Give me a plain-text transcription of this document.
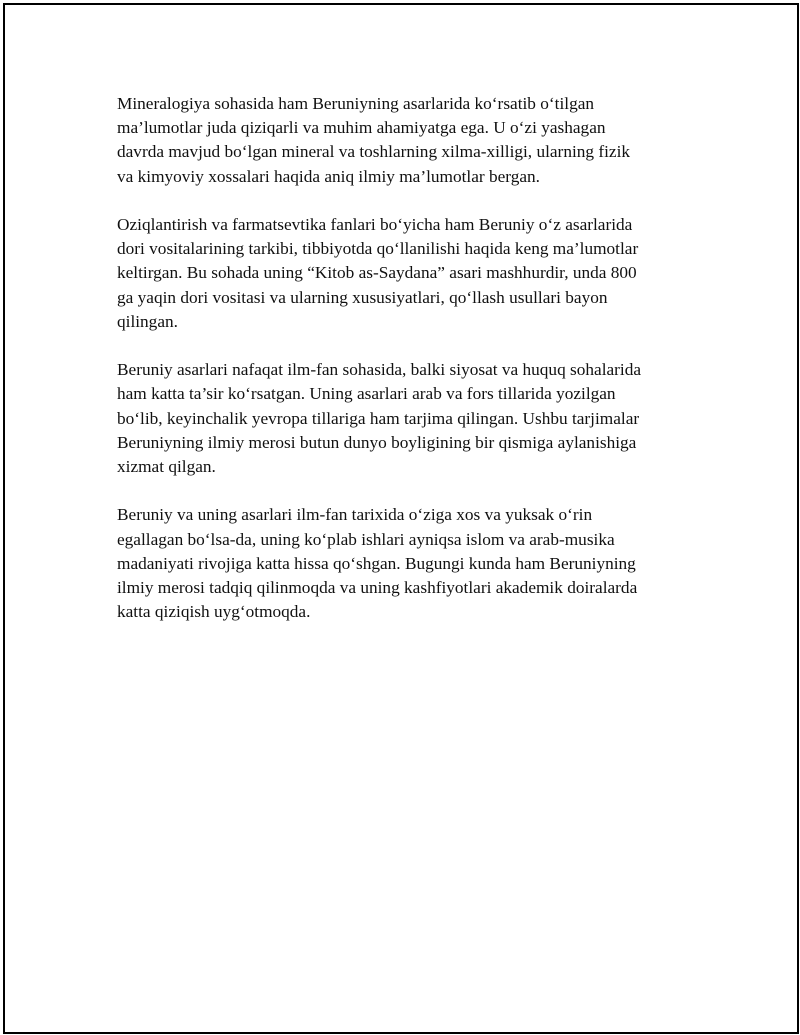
Mineralogiya sohasida ham Beruniyning asarlarida ko‘rsatib o‘tilgan
ma’lumotlar juda qiziqarli va muhim ahamiyatga ega. U o‘zi yashagan
davrda mavjud bo‘lgan mineral va toshlarning xilma-xilligi, ularning fizik
va kimyoviy xossalari haqida aniq ilmiy ma’lumotlar bergan.

Oziqlantirish va farmatsevtika fanlari bo‘yicha ham Beruniy o‘z asarlarida
dori vositalarining tarkibi, tibbiyotda qo‘llanilishi haqida keng ma’lumotlar
keltirgan. Bu sohada uning “Kitob as-Saydana” asari mashhurdir, unda 800
ga yaqin dori vositasi va ularning xususiyatlari, qo‘llash usullari bayon
qilingan.

Beruniy asarlari nafaqat ilm-fan sohasida, balki siyosat va huquq sohalarida
ham katta ta’sir ko‘rsatgan. Uning asarlari arab va fors tillarida yozilgan
bo‘lib, keyinchalik yevropa tillariga ham tarjima qilingan. Ushbu tarjimalar
Beruniyning ilmiy merosi butun dunyo boyligining bir qismiga aylanishiga
xizmat qilgan.

Beruniy va uning asarlari ilm-fan tarixida o‘ziga xos va yuksak o‘rin
egallagan bo‘lsa-da, uning ko‘plab ishlari ayniqsa islom va arab-musika
madaniyati rivojiga katta hissa qo‘shgan. Bugungi kunda ham Beruniyning
ilmiy merosi tadqiq qilinmoqda va uning kashfiyotlari akademik doiralarda
katta qiziqish uyg‘otmoqda.
